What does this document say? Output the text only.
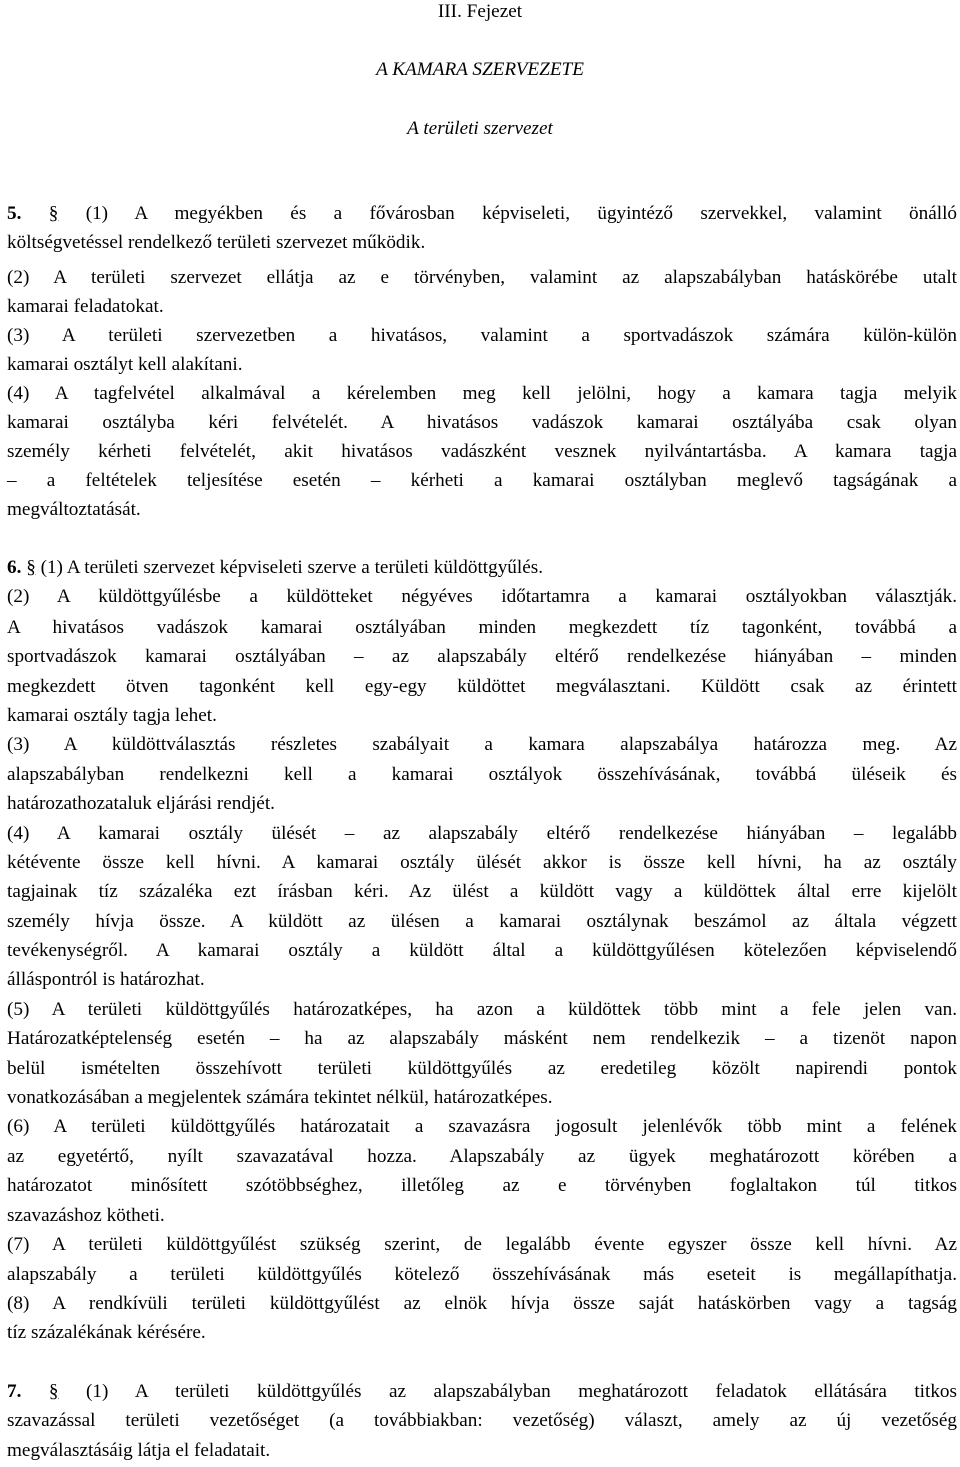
III. Fejezet
A KAMARA SZERVEZETE
A területi szervezet
5. § (1) A megyékben és a fővárosban képviseleti, ügyintéző szervekkel, valamint önálló
költségvetéssel rendelkező területi szervezet működik.
(2) A területi szervezet ellátja az e törvényben, valamint az alapszabályban hatáskörébe utalt
kamarai feladatokat.
(3) A területi szervezetben a hivatásos, valamint a sportvadászok számára külön-külön
kamarai osztályt kell alakítani.
(4) A tagfelvétel alkalmával a kérelemben meg kell jelölni, hogy a kamara tagja melyik
kamarai osztályba kéri felvételét. A hivatásos vadászok kamarai osztályába csak olyan
személy kérheti felvételét, akit hivatásos vadászként vesznek nyilvántartásba. A kamara tagja
– a feltételek teljesítése esetén – kérheti a kamarai osztályban meglevő tagságának a
megváltoztatását.
6. § (1) A területi szervezet képviseleti szerve a területi küldöttgyűlés.
(2) A küldöttgyűlésbe a küldötteket négyéves időtartamra a kamarai osztályokban választják.
A hivatásos vadászok kamarai osztályában minden megkezdett tíz tagonként, továbbá a
sportvadászok kamarai osztályában – az alapszabály eltérő rendelkezése hiányában – minden
megkezdett ötven tagonként kell egy-egy küldöttet megválasztani. Küldött csak az érintett
kamarai osztály tagja lehet.
(3) A küldöttválasztás részletes szabályait a kamara alapszabálya határozza meg. Az
alapszabályban rendelkezni kell a kamarai osztályok összehívásának, továbbá üléseik és
határozathozataluk eljárási rendjét.
(4) A kamarai osztály ülését – az alapszabály eltérő rendelkezése hiányában – legalább
kétévente össze kell hívni. A kamarai osztály ülését akkor is össze kell hívni, ha az osztály
tagjainak tíz százaléka ezt írásban kéri. Az ülést a küldött vagy a küldöttek által erre kijelölt
személy hívja össze. A küldött az ülésen a kamarai osztálynak beszámol az általa végzett
tevékenységről. A kamarai osztály a küldött által a küldöttgyűlésen kötelezően képviselendő
álláspontról is határozhat.
(5) A területi küldöttgyűlés határozatképes, ha azon a küldöttek több mint a fele jelen van.
Határozatképtelenség esetén – ha az alapszabály másként nem rendelkezik – a tizenöt napon
belül ismételten összehívott területi küldöttgyűlés az eredetileg közölt napirendi pontok
vonatkozásában a megjelentek számára tekintet nélkül, határozatképes.
(6) A területi küldöttgyűlés határozatait a szavazásra jogosult jelenlévők több mint a felének
az egyetértő, nyílt szavazatával hozza. Alapszabály az ügyek meghatározott körében a
határozatot minősített szótöbbséghez, illetőleg az e törvényben foglaltakon túl titkos
szavazáshoz kötheti.
(7) A területi küldöttgyűlést szükség szerint, de legalább évente egyszer össze kell hívni. Az
alapszabály a területi küldöttgyűlés kötelező összehívásának más eseteit is megállapíthatja.
(8) A rendkívüli területi küldöttgyűlést az elnök hívja össze saját hatáskörben vagy a tagság
tíz százalékának kérésére.
7. § (1) A területi küldöttgyűlés az alapszabályban meghatározott feladatok ellátására titkos
szavazással területi vezetőséget (a továbbiakban: vezetőség) választ, amely az új vezetőség
megválasztásáig látja el feladatait.
